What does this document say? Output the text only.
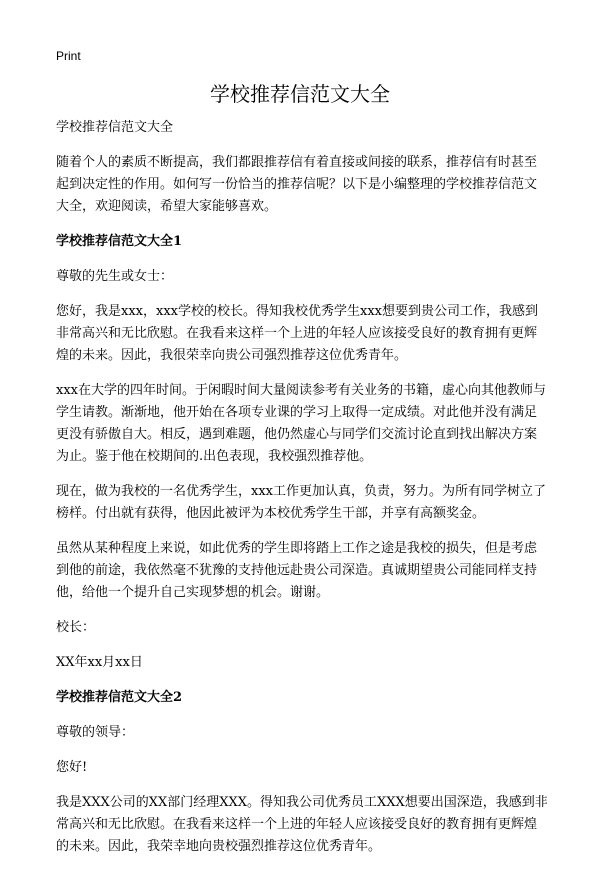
Print
学校推荐信范文大全

学校推荐信范文大全

随着个人的素质不断提高，我们都跟推荐信有着直接或间接的联系，推荐信有时甚至起到决定性的作用。如何写一份恰当的推荐信呢？以下是小编整理的学校推荐信范文大全，欢迎阅读，希望大家能够喜欢。

学校推荐信范文大全1

尊敬的先生或女士：

您好，我是xxx，xxx学校的校长。得知我校优秀学生xxx想要到贵公司工作，我感到非常高兴和无比欣慰。在我看来这样一个上进的年轻人应该接受良好的教育拥有更辉煌的未来。因此，我很荣幸向贵公司强烈推荐这位优秀青年。

xxx在大学的四年时间。于闲暇时间大量阅读参考有关业务的书籍，虚心向其他教师与学生请教。渐渐地，他开始在各项专业课的学习上取得一定成绩。对此他并没有满足更没有骄傲自大。相反，遇到难题，他仍然虚心与同学们交流讨论直到找出解决方案为止。鉴于他在校期间的.出色表现，我校强烈推荐他。

现在，做为我校的一名优秀学生，xxx工作更加认真，负责，努力。为所有同学树立了榜样。付出就有获得，他因此被评为本校优秀学生干部，并享有高额奖金。

虽然从某种程度上来说，如此优秀的学生即将踏上工作之途是我校的损失，但是考虑到他的前途，我依然毫不犹豫的支持他远赴贵公司深造。真诚期望贵公司能同样支持他，给他一个提升自己实现梦想的机会。谢谢。

校长：

XX年xx月xx日

学校推荐信范文大全2

尊敬的领导：

您好!

我是XXX公司的XX部门经理XXX。得知我公司优秀员工XXX想要出国深造，我感到非常高兴和无比欣慰。在我看来这样一个上进的年轻人应该接受良好的教育拥有更辉煌的未来。因此，我荣幸地向贵校强烈推荐这位优秀青年。
